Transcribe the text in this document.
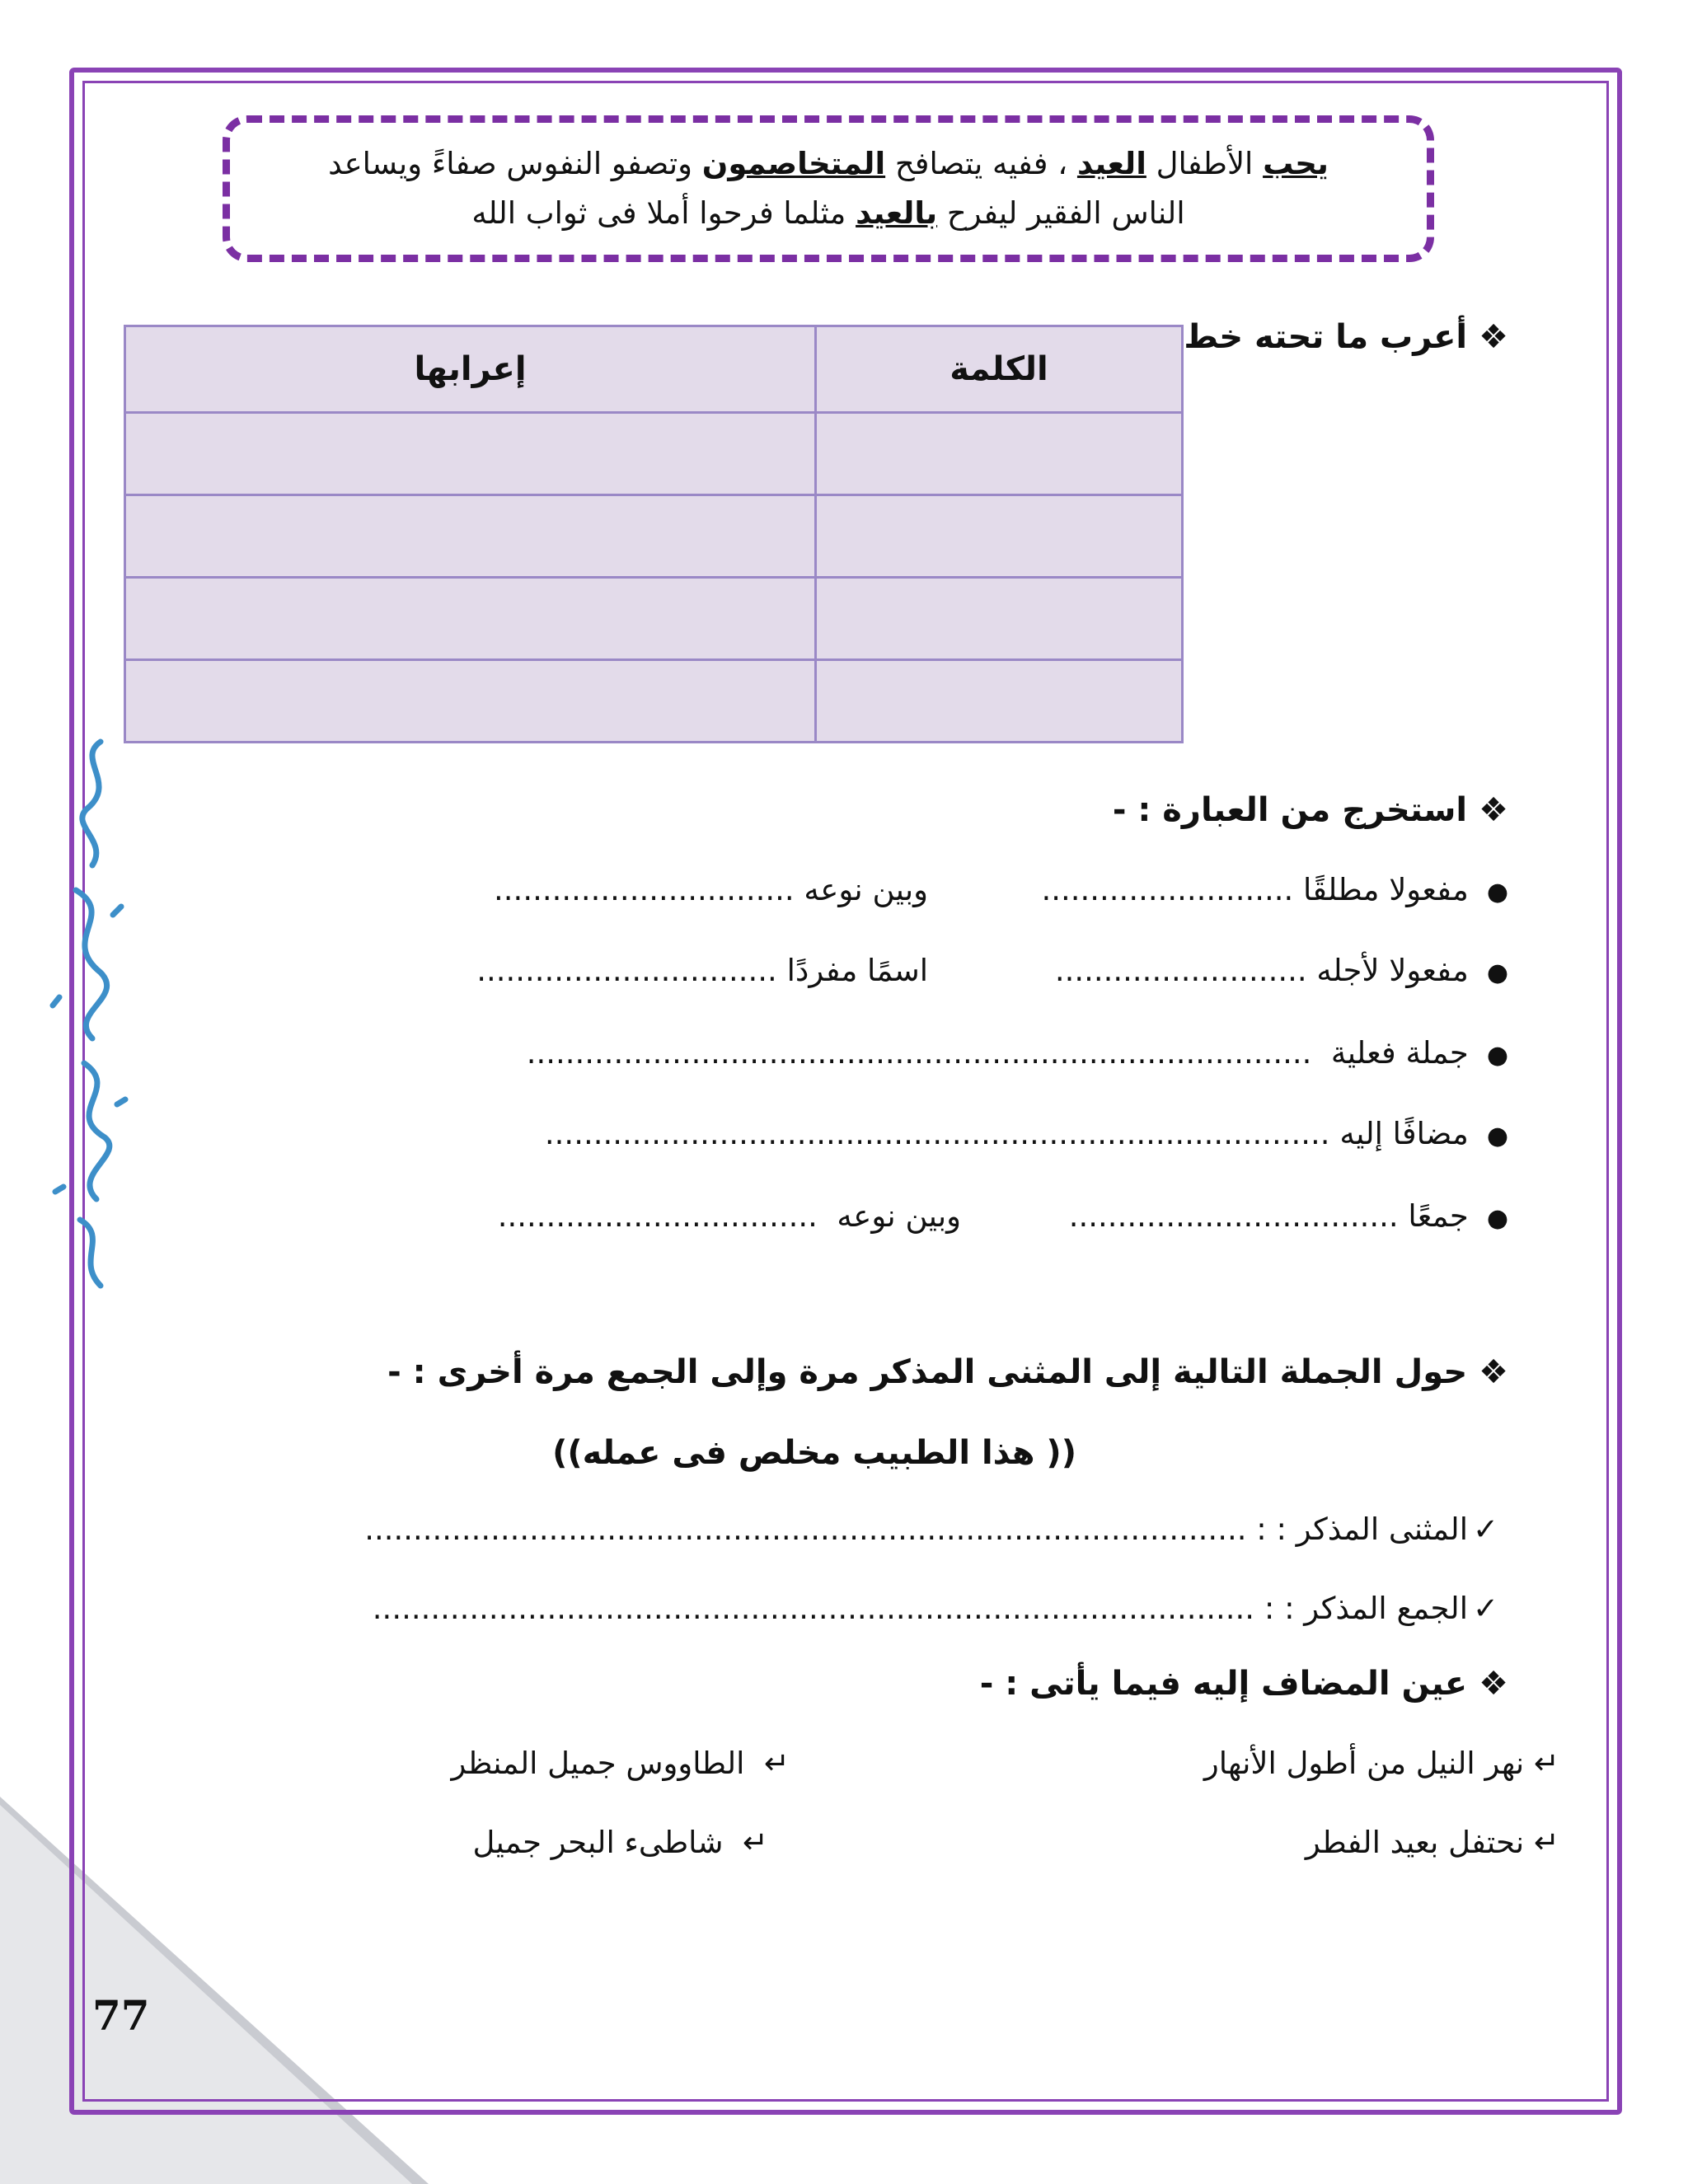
يحب الأطفال العيد ، ففيه يتصافح المتخاصمون وتصفو النفوس صفاءً ويساعد
الناس الفقير ليفرح بالعيد مثلما فرحوا أملا فى ثواب الله
❖أعرب ما تحته خط
الكلمة	إعرابها

❖استخرج من العبارة : -
●مفعولا مطلقًا ..........................
وبين نوعه ...............................
●مفعولا لأجله ..........................
اسمًا مفردًا ...............................
●جملة فعلية  .................................................................................
●مضافًا إليه .................................................................................
●جمعًا ..................................
وبين نوعه  .................................
❖حول الجملة التالية إلى المثنى المذكر مرة وإلى الجمع مرة أخرى : -
(( هذا الطبيب مخلص فى عمله))
✓المثنى المذكر : : ...........................................................................................
✓الجمع المذكر : : ...........................................................................................
❖عين المضاف إليه فيما يأتى : -
↵ نهر النيل من أطول الأنهار
↵  الطاووس جميل المنظر
↵ نحتفل بعيد الفطر
↵  شاطىء البحر جميل
77
